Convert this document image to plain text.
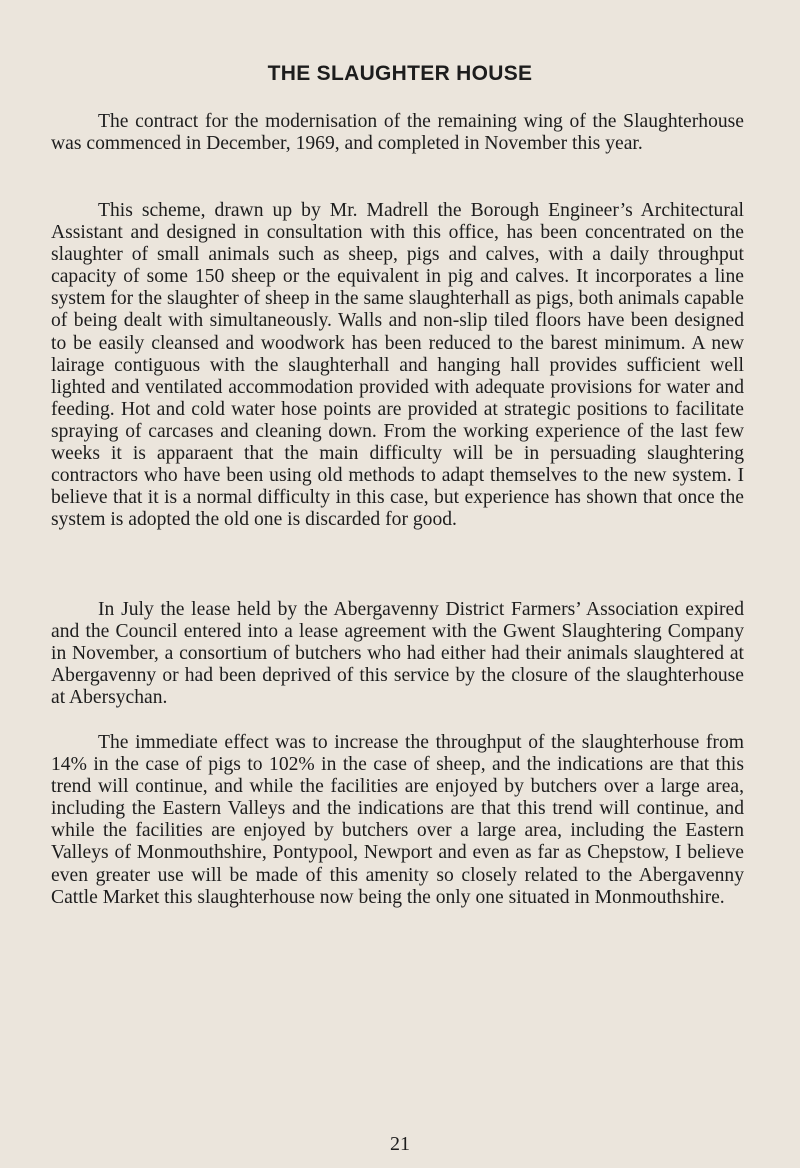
THE SLAUGHTER HOUSE

The contract for the modernisation of the remaining wing of the Slaughterhouse was commenced in December, 1969, and completed in November this year.

This scheme, drawn up by Mr. Madrell the Borough Engineer’s Architectural Assistant and designed in consultation with this office, has been concentrated on the slaughter of small animals such as sheep, pigs and calves, with a daily throughput capacity of some 150 sheep or the equivalent in pig and calves. It incorporates a line system for the slaughter of sheep in the same slaughterhall as pigs, both animals capable of being dealt with simultaneously. Walls and non-slip tiled floors have been designed to be easily cleansed and woodwork has been reduced to the barest minimum. A new lairage contiguous with the slaughterhall and hanging hall provides sufficient well lighted and ventilated accommodation provided with adequate provisions for water and feeding. Hot and cold water hose points are provided at strategic positions to facilitate spraying of carcases and cleaning down. From the working experience of the last few weeks it is apparaent that the main difficulty will be in persuading slaughtering contractors who have been using old methods to adapt themselves to the new system. I believe that it is a normal difficulty in this case, but experience has shown that once the system is adopted the old one is discarded for good.

In July the lease held by the Abergavenny District Farmers’ Association expired and the Council entered into a lease agreement with the Gwent Slaughtering Company in November, a consortium of butchers who had either had their animals slaughtered at Abergavenny or had been deprived of this service by the closure of the slaughterhouse at Abersychan.

The immediate effect was to increase the throughput of the slaughterhouse from 14% in the case of pigs to 102% in the case of sheep, and the indications are that this trend will continue, and while the facilities are enjoyed by butchers over a large area, including the Eastern Valleys and the indications are that this trend will continue, and while the facilities are enjoyed by butchers over a large area, including the Eastern Valleys of Monmouthshire, Pontypool, Newport and even as far as Chepstow, I believe even greater use will be made of this amenity so closely related to the Abergavenny Cattle Market this slaughterhouse now being the only one situated in Monmouthshire.

21
